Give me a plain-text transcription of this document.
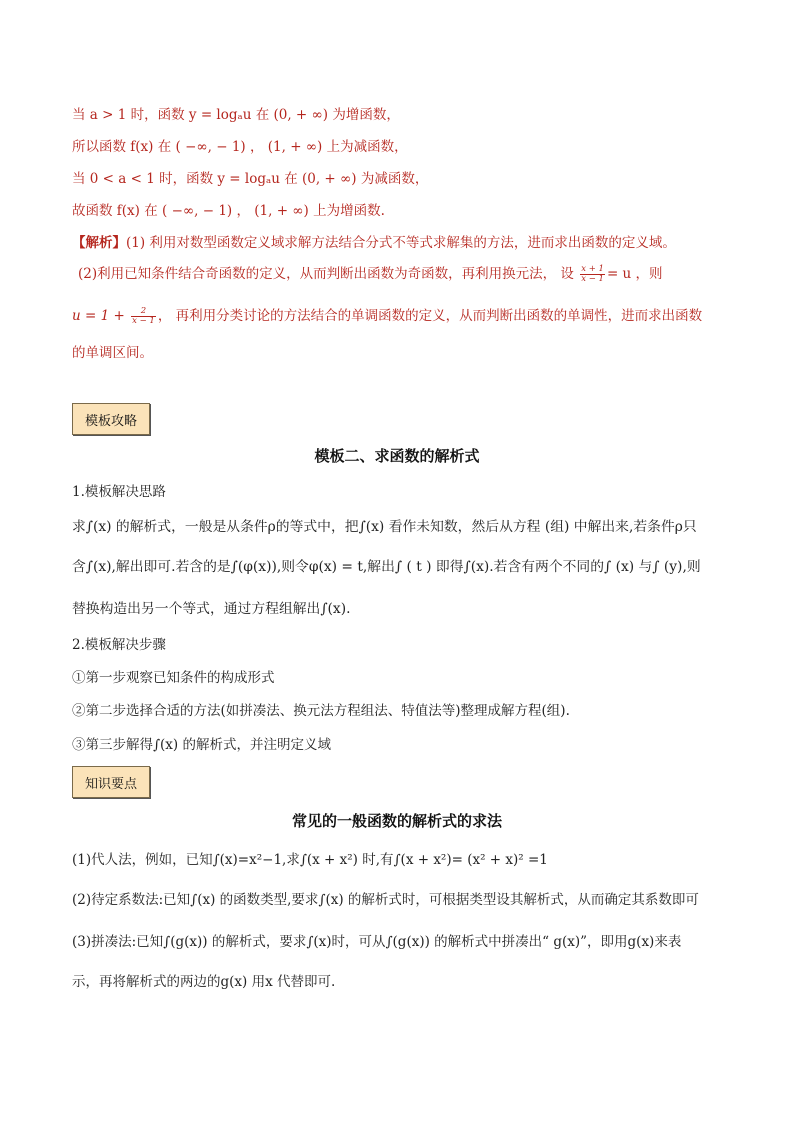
当 a > 1 时，函数 y = logₐu 在 (0, + ∞) 为增函数，
所以函数 f(x) 在 ( −∞, − 1) ， (1, + ∞) 上为减函数，
当 0 < a < 1 时，函数 y = logₐu 在 (0, + ∞) 为减函数，
故函数 f(x) 在 ( −∞, − 1) ， (1, + ∞) 上为增函数.
【解析】(1) 利用对数型函数定义域求解方法结合分式不等式求解集的方法，进而求出函数的定义域。
(2)利用已知条件结合奇函数的定义，从而判断出函数为奇函数，再利用换元法， 设 $\frac{x + 1}{x - 1} = u$ ，则
$u = 1 + \frac{2}{x - 1}$ ， 再利用分类讨论的方法结合的单调函数的定义，从而判断出函数的单调性，进而求出函数
的单调区间。
模板攻略
模板二、求函数的解析式
1.模板解决思路
求∫(x) 的解析式，一般是从条件ρ的等式中，把∫(x) 看作未知数，然后从方程 (组) 中解出来,若条件ρ只
含∫(x),解出即可.若含的是∫(φ(x)),则令φ(x) = t,解出∫ ( t ) 即得∫(x).若含有两个不同的∫ (x) 与∫ (y),则
替换构造出另一个等式，通过方程组解出∫(x).
2.模板解决步骤
①第一步观察已知条件的构成形式
②第二步选择合适的方法(如拼凑法、换元法方程组法、特值法等)整理成解方程(组).
③第三步解得∫(x) 的解析式，并注明定义域
知识要点
常见的一般函数的解析式的求法
(1)代人法，例如，已知∫(x)=x²−1,求∫(x + x²) 时,有∫(x + x²)= (x² + x)² =1
(2)待定系数法:已知∫(x) 的函数类型,要求∫(x) 的解析式时，可根据类型设其解析式，从而确定其系数即可
(3)拼凑法:已知∫(g(x)) 的解析式，要求∫(x)时，可从∫(g(x)) 的解析式中拼凑出“ g(x)”，即用g(x)来表
示，再将解析式的两边的g(x) 用x 代替即可.
